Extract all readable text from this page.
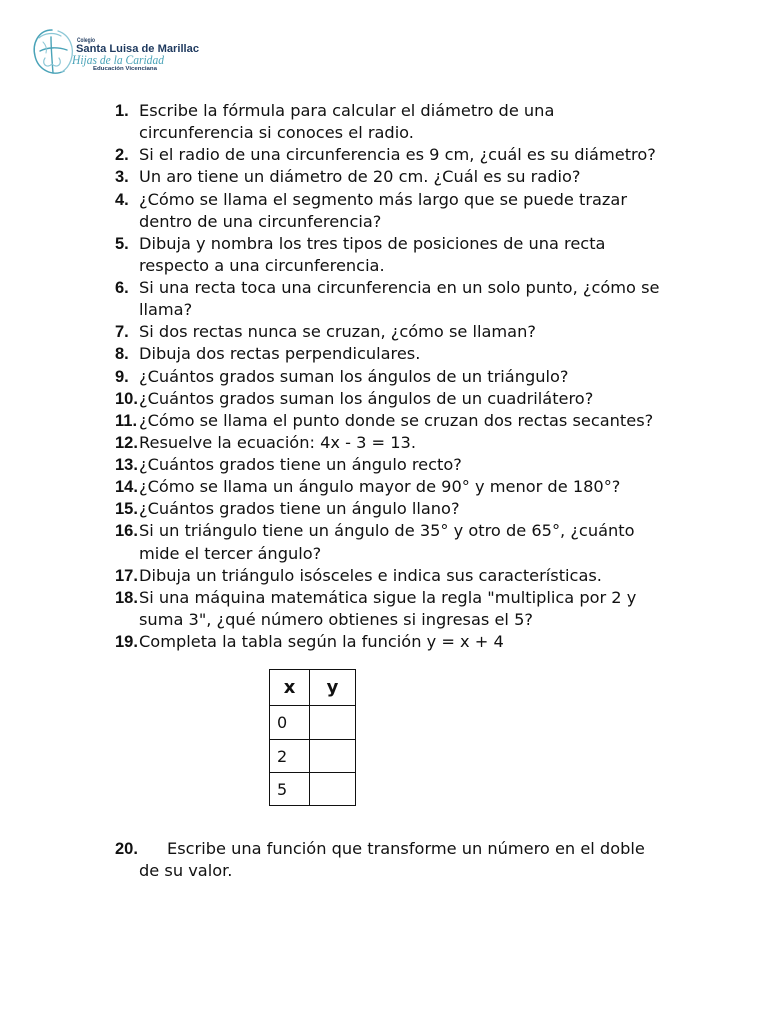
Colegio
Santa Luisa de Marillac
Hijas de la Caridad
Educación Vicenciana
1. Escribe la fórmula para calcular el diámetro de una
circunferencia si conoces el radio.
2. Si el radio de una circunferencia es 9 cm, ¿cuál es su diámetro?
3. Un aro tiene un diámetro de 20 cm. ¿Cuál es su radio?
4. ¿Cómo se llama el segmento más largo que se puede trazar
dentro de una circunferencia?
5. Dibuja y nombra los tres tipos de posiciones de una recta
respecto a una circunferencia.
6. Si una recta toca una circunferencia en un solo punto, ¿cómo se
llama?
7. Si dos rectas nunca se cruzan, ¿cómo se llaman?
8. Dibuja dos rectas perpendiculares.
9. ¿Cuántos grados suman los ángulos de un triángulo?
10. ¿Cuántos grados suman los ángulos de un cuadrilátero?
11. ¿Cómo se llama el punto donde se cruzan dos rectas secantes?
12. Resuelve la ecuación: 4x - 3 = 13.
13. ¿Cuántos grados tiene un ángulo recto?
14. ¿Cómo se llama un ángulo mayor de 90° y menor de 180°?
15. ¿Cuántos grados tiene un ángulo llano?
16. Si un triángulo tiene un ángulo de 35° y otro de 65°, ¿cuánto
mide el tercer ángulo?
17. Dibuja un triángulo isósceles e indica sus características.
18. Si una máquina matemática sigue la regla "multiplica por 2 y
suma 3", ¿qué número obtienes si ingresas el 5?
19. Completa la tabla según la función y = x + 4
x	y
0
2
5
20. Escribe una función que transforme un número en el doble
de su valor.
